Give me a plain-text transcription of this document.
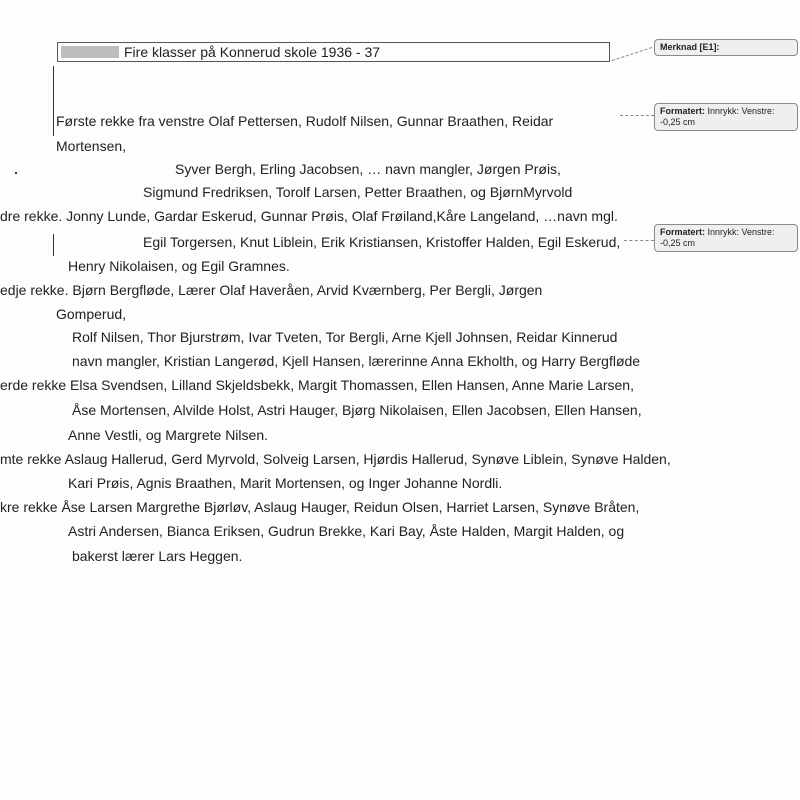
Fire klasser på Konnerud skole 1936 - 37
Første rekke fra venstre Olaf Pettersen, Rudolf Nilsen, Gunnar Braathen, Reidar
Mortensen,
Syver Bergh, Erling Jacobsen, … navn mangler, Jørgen Prøis,
Sigmund Fredriksen, Torolf Larsen, Petter Braathen, og BjørnMyrvold
dre rekke. Jonny Lunde, Gardar Eskerud, Gunnar Prøis, Olaf Frøiland,Kåre Langeland, …navn mgl.
Egil Torgersen, Knut Liblein, Erik Kristiansen, Kristoffer Halden, Egil Eskerud,
Henry Nikolaisen, og Egil Gramnes.
edje rekke. Bjørn Bergfløde, Lærer Olaf Haveråen, Arvid Kværnberg, Per Bergli, Jørgen
Gomperud,
Rolf Nilsen, Thor Bjurstrøm, Ivar Tveten, Tor Bergli, Arne Kjell Johnsen, Reidar Kinnerud
navn mangler, Kristian Langerød, Kjell Hansen, lærerinne Anna Ekholth, og Harry Bergfløde
erde rekke Elsa Svendsen, Lilland Skjeldsbekk, Margit Thomassen, Ellen Hansen, Anne Marie Larsen,
Åse Mortensen, Alvilde Holst, Astri Hauger, Bjørg Nikolaisen, Ellen Jacobsen, Ellen Hansen,
Anne Vestli, og Margrete Nilsen.
mte rekke Aslaug Hallerud, Gerd Myrvold, Solveig Larsen, Hjørdis Hallerud, Synøve Liblein, Synøve Halden,
Kari Prøis, Agnis Braathen, Marit Mortensen, og Inger Johanne Nordli.
kre rekke Åse Larsen Margrethe Bjørløv, Aslaug Hauger, Reidun Olsen, Harriet Larsen, Synøve Bråten,
Astri Andersen, Bianca Eriksen, Gudrun Brekke, Kari Bay, Åste Halden, Margit Halden, og
bakerst lærer Lars Heggen.
Merknad [E1]:
Formatert: Innrykk: Venstre: -0,25 cm
Formatert: Innrykk: Venstre: -0,25 cm
